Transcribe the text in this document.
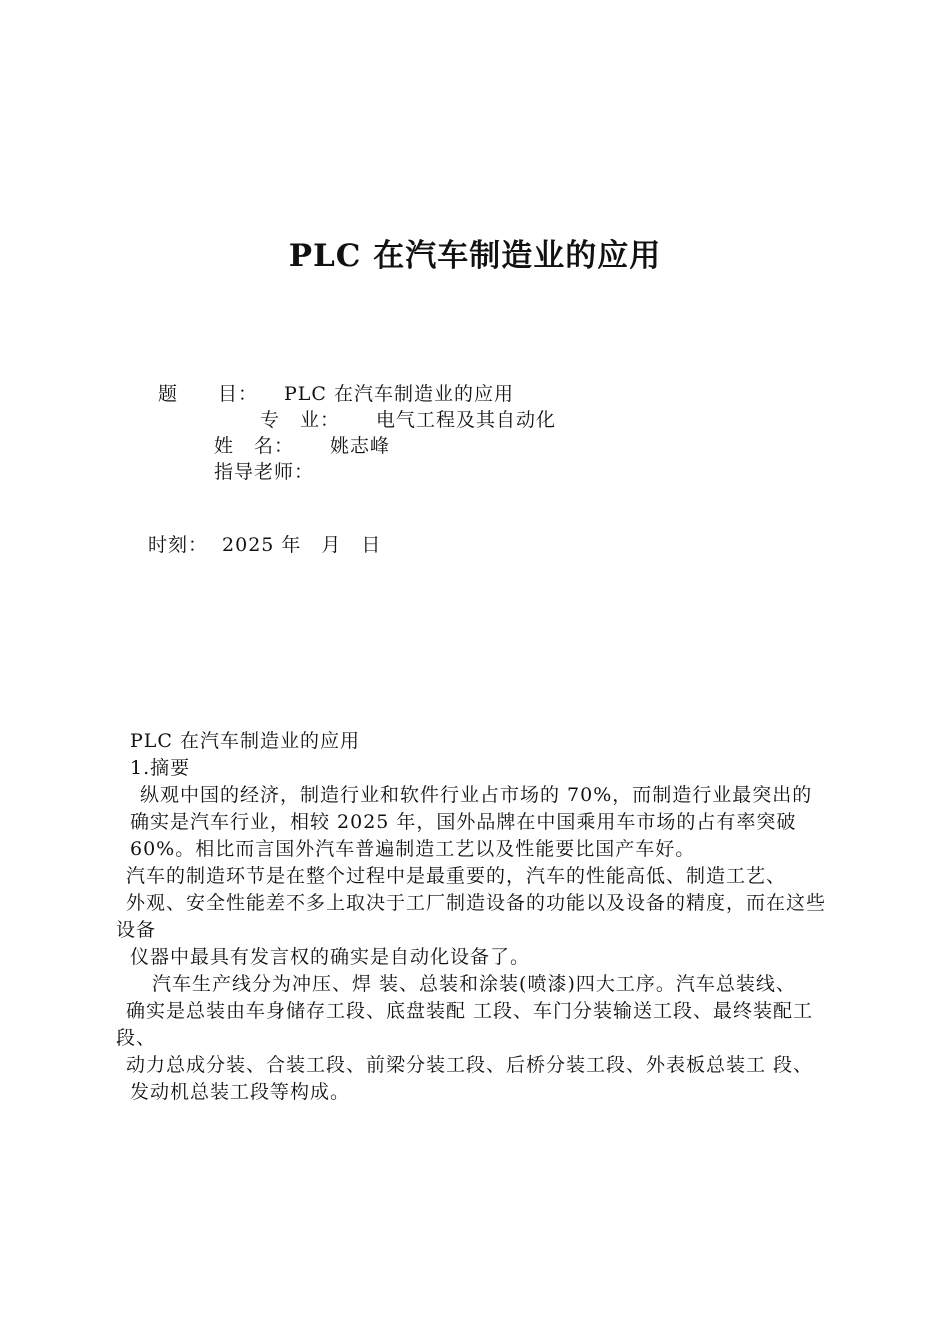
PLC 在汽车制造业的应用
题　　目： PLC 在汽车制造业的应用
专　业： 电气工程及其自动化
姓　名： 姚志峰
指导老师：
时刻： 2025 年　月　日

PLC 在汽车制造业的应用

1.摘要

纵观中国的经济，制造行业和软件行业占市场的 70%，而制造行业最突出的确实是汽车行业，相较 2025 年，国外品牌在中国乘用车市场的占有率突破 60%。相比而言国外汽车普遍制造工艺以及性能要比国产车好。

汽车的制造环节是在整个过程中是最重要的，汽车的性能高低、制造工艺、

外观、安全性能差不多上取决于工厂制造设备的功能以及设备的精度，而在这些设备

仪器中最具有发言权的确实是自动化设备了。

汽车生产线分为冲压、焊 装、总装和涂装(喷漆)四大工序。汽车总装线、

确实是总装由车身储存工段、底盘装配 工段、车门分装输送工段、最终装配工段、

动力总成分装、合装工段、前梁分装工段、后桥分装工段、外表板总装工 段、

发动机总装工段等构成。
